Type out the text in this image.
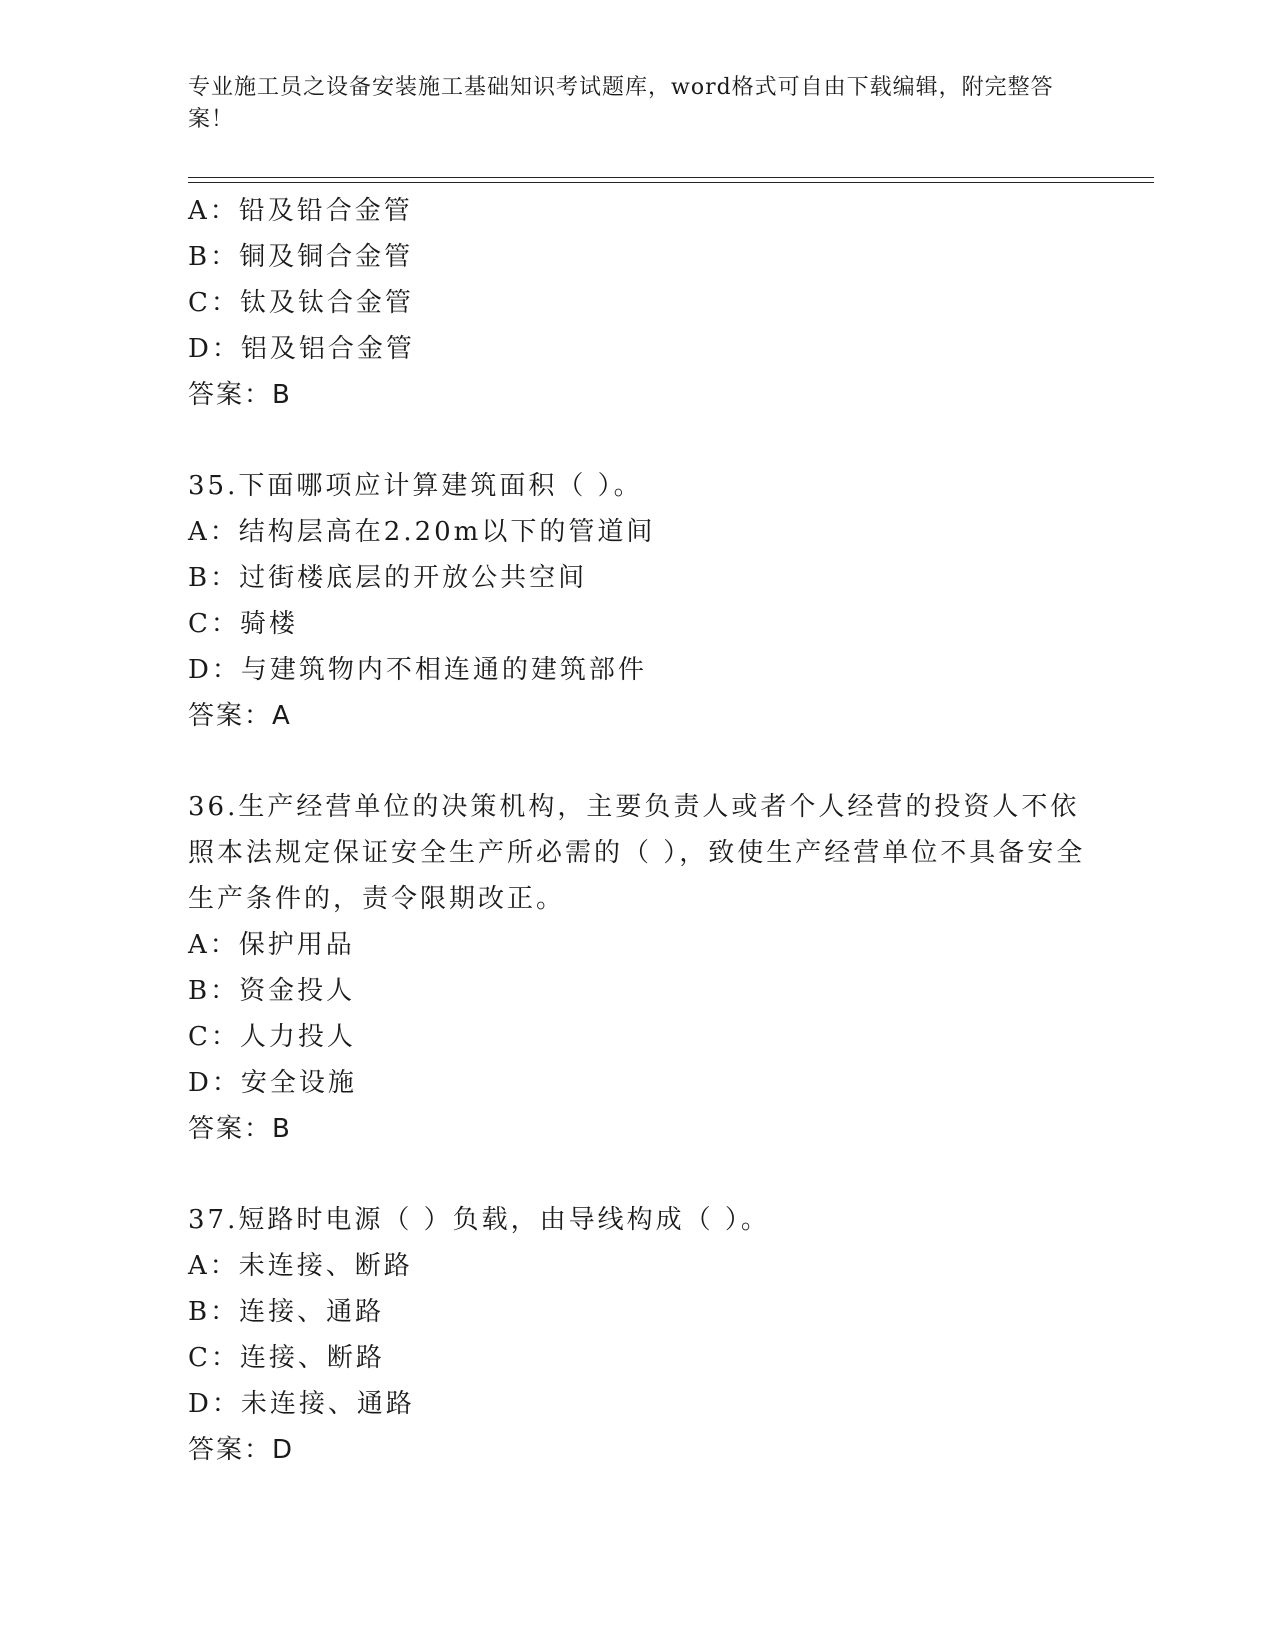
专业施工员之设备安装施工基础知识考试题库，word格式可自由下载编辑，附完整答案！
A：铅及铅合金管
B：铜及铜合金管
C：钛及钛合金管
D：铝及铝合金管
答案：B
35.下面哪项应计算建筑面积（ ）。
A：结构层高在2.20m以下的管道间
B：过街楼底层的开放公共空间
C：骑楼
D：与建筑物内不相连通的建筑部件
答案：A
36.生产经营单位的决策机构，主要负责人或者个人经营的投资人不依照本法规定保证安全生产所必需的（ ），致使生产经营单位不具备安全生产条件的，责令限期改正。
A：保护用品
B：资金投人
C：人力投人
D：安全设施
答案：B
37.短路时电源（ ）负载，由导线构成（ ）。
A：未连接、断路
B：连接、通路
C：连接、断路
D：未连接、通路
答案：D
